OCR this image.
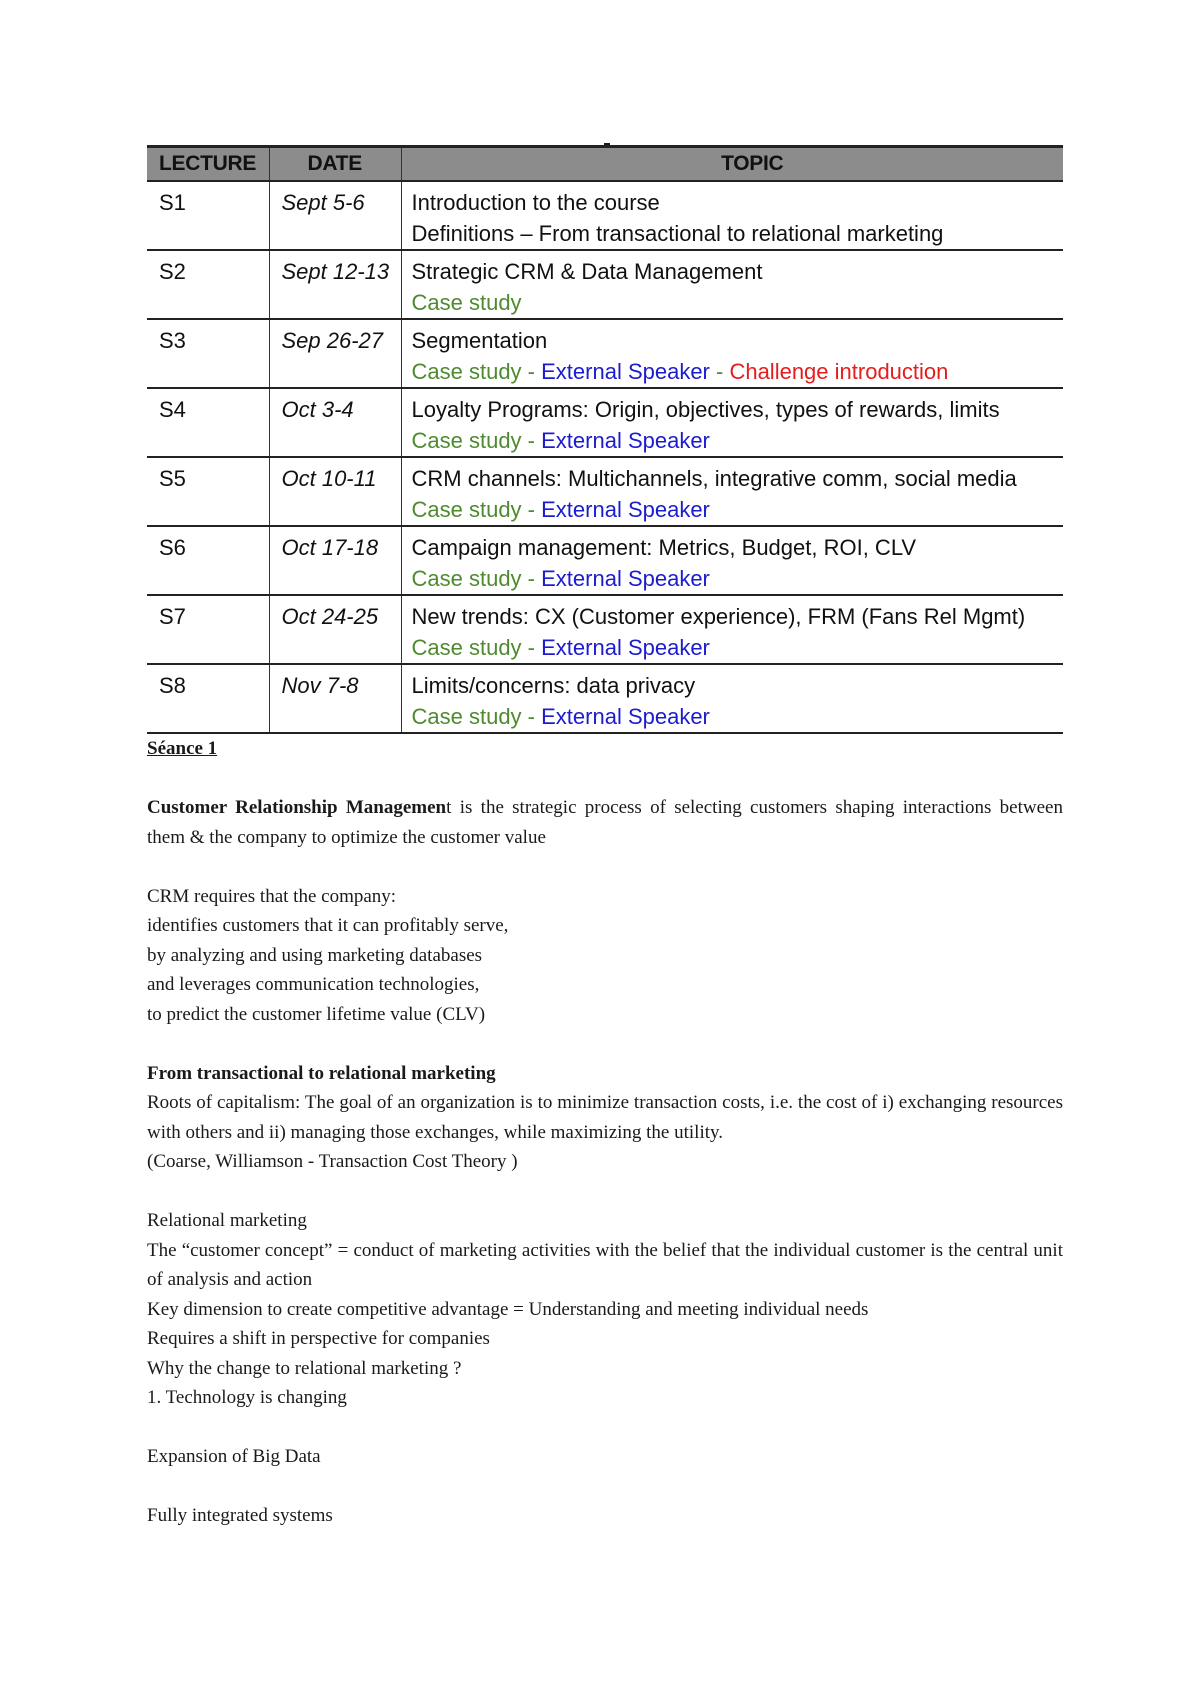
LECTURE	DATE	TOPIC
S1	Sept 5-6	Introduction to the course
Definitions – From transactional to relational marketing

S2	Sept 12-13	Strategic CRM & Data Management
Case study

S3	Sep 26-27	Segmentation
Case study - External Speaker - Challenge introduction

S4	Oct 3-4	Loyalty Programs: Origin, objectives, types of rewards, limits
Case study - External Speaker

S5	Oct 10-11	CRM channels: Multichannels, integrative comm, social media
Case study - External Speaker

S6	Oct 17-18	Campaign management: Metrics, Budget, ROI, CLV
Case study - External Speaker

S7	Oct 24-25	New trends: CX (Customer experience), FRM (Fans Rel Mgmt)
Case study - External Speaker

S8	Nov 7-8	Limits/concerns: data privacy
Case study - External Speaker

Séance 1

Customer Relationship Management is the strategic process of selecting customers shaping interactions between them & the company to optimize the customer value

CRM requires that the company:

identifies customers that it can profitably serve,

by analyzing and using marketing databases

and leverages communication technologies,

to predict the customer lifetime value (CLV)

From transactional to relational marketing

Roots of capitalism: The goal of an organization is to minimize transaction costs, i.e. the cost of i) exchanging resources with others and ii) managing those exchanges, while maximizing the utility.

(Coarse, Williamson - Transaction Cost Theory )

Relational marketing

The “customer concept” = conduct of marketing activities with the belief that the individual customer is the central unit of analysis and action

Key dimension to create competitive advantage = Understanding and meeting individual needs

Requires a shift in perspective for companies

Why the change to relational marketing ?

1. Technology is changing

Expansion of Big Data

Fully integrated systems
